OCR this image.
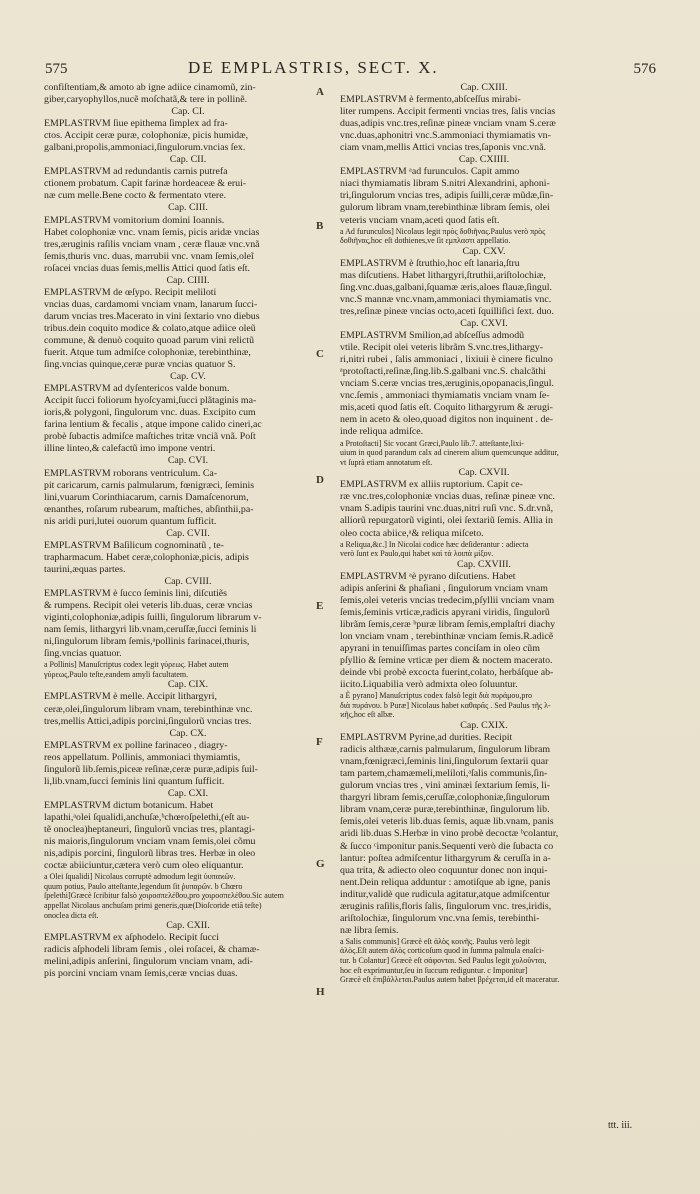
575	DE EMPLASTRIS, SECT. X.	576

confiſtentiam,& amoto ab igne adiice cinamomũ, zin-

giber,caryophyllos,nucẽ moſchatã,& tere in pollinẽ.

Cap. CI.

EMPLASTRVM ſiue epithema ſimplex ad fra-

ctos. Accipit ceræ puræ, colophoniæ, picis humidæ,

galbani,propolis,ammoniaci,ſingulorum.vncias ſex.

Cap. CII.

EMPLASTRVM ad redundantis carnis putrefa

ctionem probatum. Capit farinæ hordeaceæ & erui-

næ cum melle.Bene cocto & fermentato vtere.

Cap. CIII.

EMPLASTRVM vomitorium domini Ioannis.

Habet colophoniæ vnc. vnam ſemis, picis aridæ vncias

tres,æruginis raſilis vnciam vnam , ceræ flauæ vnc.vnã

ſemis,thuris vnc. duas, marrubii vnc. vnam ſemis,oleĩ

roſacei vncias duas ſemis,mellis Attici quod ſatis eſt.

Cap. CIIII.

EMPLASTRVM de œſypo. Recipit meliloti

vncias duas, cardamomi vnciam vnam, lanarum ſucci-

darum vncias tres.Macerato in vini ſextario vno diebus

tribus.dein coquito modice & colato,atque adiice oleũ

commune, & denuò coquito quoad parum vini relictũ

fuerit. Atque tum admiſce colophoniæ, terebinthinæ,

ſing.vncias quinque,ceræ puræ vncias quatuor S.

Cap. CV.

EMPLASTRVM ad dyſentericos valde bonum.

Accipit ſucci foliorum hyoſcyami,ſucci plãtaginis ma-

ioris,& polygoni, ſingulorum vnc. duas. Excipito cum

farina lentium & fecalis , atque impone calido cineri,ac

probè ſubactis admiſce maſtiches tritæ vnciã vnã. Poſt

illine linteo,& calefactũ imo impone ventri.

Cap. CVI.

EMPLASTRVM roborans ventriculum. Ca-

pit caricarum, carnis palmularum, fœnigræci, ſeminis

lini,vuarum Corinthiacarum, carnis Damaſcenorum,

œnanthes, roſarum rubearum, maſtiches, abſinthii,pa-

nis aridi puri,lutei ouorum quantum ſufficit.

Cap. CVII.

EMPLASTRVM Baſilicum cognominatũ , te-

trapharmacum. Habet ceræ,colophoniæ,picis, adipis

taurini,æquas partes.

Cap. CVIII.

EMPLASTRVM è ſucco ſeminis lini, diſcutiẽs

& rumpens. Recipit olei veteris lib.duas, ceræ vncias

viginti,colophoniæ,adipis ſuilli, ſingulorum librarum v-

nam ſemis, lithargyri lib.vnam,ceruſſæ,ſucci ſeminis li

ni,ſingulorum libram ſemis,ᵃpollinis farinacei,thuris,

ſing.vncias quatuor.

a Pollinis] Manuſcriptus codex legit γύρεως. Habet autem

γύρεως,Paulo teſte,eandem amyli facultatem.

Cap. CIX.

EMPLASTRVM è melle. Accipit lithargyri,

ceræ,olei,ſingulorum libram vnam, terebinthinæ vnc.

tres,mellis Attici,adipis porcini,ſingulorũ vncias tres.

Cap. CX.

EMPLASTRVM ex polline farinaceo , diagry-

reos appellatum. Pollinis, ammoniaci thymiamtis,

ſingulorũ lib.ſemis,piceæ reſinæ,ceræ puræ,adipis ſuil-

li,lib.vnam,ſucci ſeminis lini quantum ſufficit.

Cap. CXI.

EMPLASTRVM dictum botanicum. Habet

lapathi,ᵃolei ſqualidi,anchuſæ,ᵇchœroſpelethi,(eſt au-

tẽ onoclea)heptaneuri, ſingulorũ vncias tres, plantagi-

nis maioris,ſingulorum vnciam vnam ſemis,olei cõmu

nis,adipis porcini, ſingulorũ libras tres. Herbæ in oleo

coctæ abiiciuntur,cætera verò cum oleo eliquantur.

a Olei ſqualidi] Nicolaus corruptè admodum legit ὑυπαϰῶν.

quum potius, Paulo atteſtante,legendum ſit ῥυπαρῶν. b Chœro

ſpelethi]Græcè ſcribitur falsò χοιροσπελέθου,pro χοιροσπελέθου.Sic autem

appellat Nicolaus anchuſam primi generis,quæ(Dioſcoride etiã teſte)

onoclea dicta eſt.

Cap. CXII.

EMPLASTRVM ex aſphodelo. Recipit ſucci

radicis aſphodeli libram ſemis , olei roſacei, & chamæ-

melini,adipis anſerini, ſingulorum vnciam vnam, adi-

pis porcini vnciam vnam ſemis,ceræ vncias duas.

Cap. CXIII.

EMPLASTRVM è fermento,abſceſſus mirabi-

liter rumpens. Accipit fermenti vncias tres, ſalis vncias

duas,adipis vnc.tres,reſinæ pineæ vnciam vnam S.ceræ

vnc.duas,aphonitri vnc.S.ammoniaci thymiamatis vn-

ciam vnam,mellis Attici vncias tres,ſaponis vnc.vnã.

Cap. CXIIII.

EMPLASTRVM ᵃad furunculos. Capit ammo

niaci thymiamatis libram S.nitri Alexandrini, aphoni-

tri,ſingulorum vncias tres, adipis ſuilli,ceræ mũdæ,ſin-

gulorum libram vnam,terebinthinæ libram ſemis, olei

veteris vnciam vnam,aceti quod ſatis eſt.

a Ad furunculos] Nicolaus legit πρὸς δοθιῆνας.Paulus verò πρὸς

δοθιῆνας,hoc eſt dothienes,ve ſit εμπλαστι appellatio.

Cap. CXV.

EMPLASTRVM è ſtruthio,hoc eſt lanaria,ſtru

mas diſcutiens. Habet lithargyri,ſtruthii,ariſtolochiæ,

ſing.vnc.duas,galbani,ſquamæ æris,aloes flauæ,ſingul.

vnc.S mannæ vnc.vnam,ammoniaci thymiamatis vnc.

tres,reſinæ pineæ vncias octo,aceti ſquilliſici ſext. duo.

Cap. CXVI.

EMPLASTRVM Smilion,ad abſceſſus admodũ

vtile. Recipit olei veteris librãm S.vnc.tres,lithargy-

ri,nitri rubei , ſalis ammoniaci , lixiuii è cinere ficulno

ᵃprotoſtacti,reſinæ,ſing.lib.S.galbani vnc.S. chalcãthi

vnciam S.ceræ vncias tres,æruginis,opopanacis,ſingul.

vnc.ſemis , ammoniaci thymiamatis vnciam vnam ſe-

mis,aceti quod ſatis eſt. Coquito lithargyrum & ærugi-

nem in aceto & oleo,quoad digitos non inquinent . de-

inde reliqua admiſce.

a Protoſtacti] Sic vocant Græci,Paulo lib.7. atteſtante,lixi-

uium in quod parandum calx ad cinerem alium quemcunque additur,

vt ſuprà etiam annotatum eſt.

Cap. CXVII.

EMPLASTRVM ex alliis ruptorium. Capit ce-

ræ vnc.tres,colophoniæ vncias duas, reſinæ pineæ vnc.

vnam S.adipis taurini vnc.duas,nitri ruſi vnc. S.dr.vnã,

alliorũ repurgatorũ viginti, olei ſextariũ ſemis. Allia in

oleo cocta abiice,ᵃ& reliqua miſceto.

a Reliqua,&c.] In Nicolai codice hæc deſiderantur : adiecta

verò ſunt ex Paulo,qui habet καὶ τὰ λοιπὰ μίξον.

Cap. CXVIII.

EMPLASTRVM ᵃè pyrano diſcutiens. Habet

adipis anſerini & phaſiani , ſingulorum vnciam vnam

ſemis,olei veteris vncias tredecim,pſyllii vnciam vnam

ſemis,ſeminis vrticæ,radicis apyrani viridis, ſingulorũ

librãm ſemis,ceræ ᵇpuræ libram ſemis,emplaſtri diachy

lon vnciam vnam , terebinthinæ vnciam ſemis.R.adicẽ

apyrani in tenuiſſimas partes conciſam in oleo cũm

pſyllio & ſemine vrticæ per diem & noctem macerato.

deinde vbi probè excocta fuerint,colato, herbáſque ab-

iicito.Liquabilia verò admixta oleo ſoluuntur.

a È pyrano] Manuſcriptus codex falsò legit διὰ πυράμου,pro

διὰ πυράνου. b Puræ] Nicolaus habet καθαρᾶς . Sed Paulus τῆς λ-

ϰῆς,hoc eſt albæ.

Cap. CXIX.

EMPLASTRVM Pyrine,ad durities. Recipit

radicis althææ,carnis palmularum, ſingulorum libram

vnam,fœnigræci,ſeminis lini,ſingulorum ſextarii quar

tam partem,chamæmeli,meliloti,ᵃſalis communis,ſin-

gulorum vncias tres , vini aminæi ſextarium ſemis, li-

thargyri libram ſemis,ceruſſæ,colophoniæ,ſingulorum

libram vnam,ceræ puræ,terebinthinæ, ſingulorum lib.

ſemis,olei veteris lib.duas ſemis, aquæ lib.vnam, panis

aridi lib.duas S.Herbæ in vino probè decoctæ ᵇcolantur,

& ſucco ᶜimponitur panis.Sequenti verò die ſubacta co

lantur: poſtea admiſcentur lithargyrum & ceruſſa in a-

qua trita, & adiecto oleo coquuntur donec non inqui-

nent.Dein reliqua adduntur : amotiſque ab igne, panis

inditur,validè que rudicula agitatur,atque admiſcentur

æruginis raſilis,floris ſalis, ſingulorum vnc. tres,iridis,

ariſtolochiæ, ſingulorum vnc.vna ſemis, terebinthi-

næ libra ſemis.

a Salis communis] Græcè eſt ἁλὸς κοινῆς. Paulus verò legit

ἁλὸς.Eſt autem ἁλὸς corticoſum quod in ſumma palmula enaſci-

tur. b Colantur] Græcè eſt σάφονται. Sed Paulus legit χυλοῦνται,

hoc eſt exprimuntur,ſeu in ſuccum rediguntur. c Imponitur]

Græcè eſt ἐπιβάλλεται.Paulus autem habet βρέχεται,id eſt maceratur.

A
B
C
D
E
F
G
H
ttt. iii.
